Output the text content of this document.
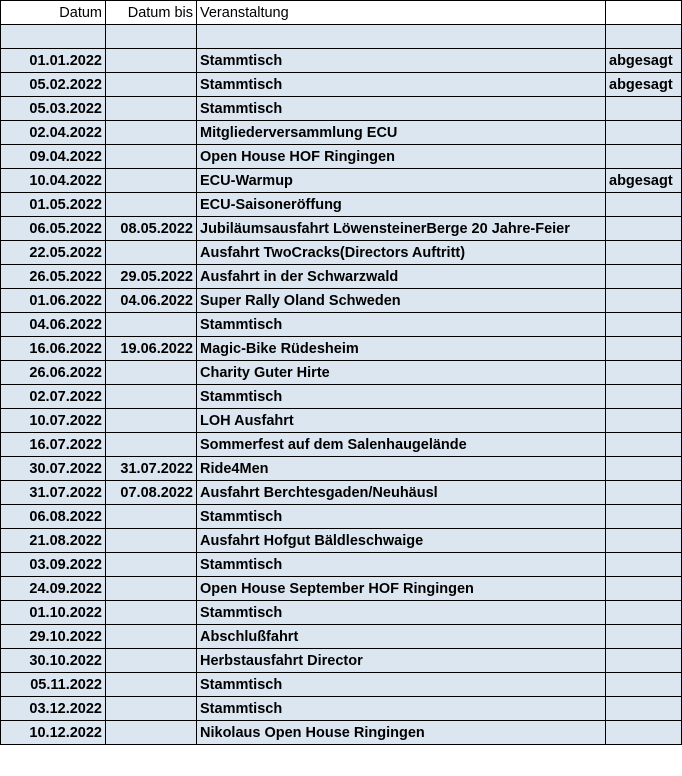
Datum	Datum bis	Veranstaltung	

01.01.2022		Stammtisch	abgesagt
05.02.2022		Stammtisch	abgesagt
05.03.2022		Stammtisch	
02.04.2022		Mitgliederversammlung ECU	
09.04.2022		Open House HOF Ringingen	
10.04.2022		ECU-Warmup	abgesagt
01.05.2022		ECU-Saisoneröffung	
06.05.2022	08.05.2022	Jubiläumsausfahrt LöwensteinerBerge 20 Jahre-Feier	
22.05.2022		Ausfahrt TwoCracks(Directors Auftritt)	
26.05.2022	29.05.2022	Ausfahrt in der Schwarzwald	
01.06.2022	04.06.2022	Super Rally Oland Schweden	
04.06.2022		Stammtisch	
16.06.2022	19.06.2022	Magic-Bike Rüdesheim	
26.06.2022		Charity Guter Hirte	
02.07.2022		Stammtisch	
10.07.2022		LOH Ausfahrt	
16.07.2022		Sommerfest auf dem Salenhaugelände	
30.07.2022	31.07.2022	Ride4Men	
31.07.2022	07.08.2022	Ausfahrt Berchtesgaden/Neuhäusl	
06.08.2022		Stammtisch	
21.08.2022		Ausfahrt Hofgut Bäldleschwaige	
03.09.2022		Stammtisch	
24.09.2022		Open House September HOF Ringingen	
01.10.2022		Stammtisch	
29.10.2022		Abschlußfahrt	
30.10.2022		Herbstausfahrt Director	
05.11.2022		Stammtisch	
03.12.2022		Stammtisch	
10.12.2022		Nikolaus Open House Ringingen	
